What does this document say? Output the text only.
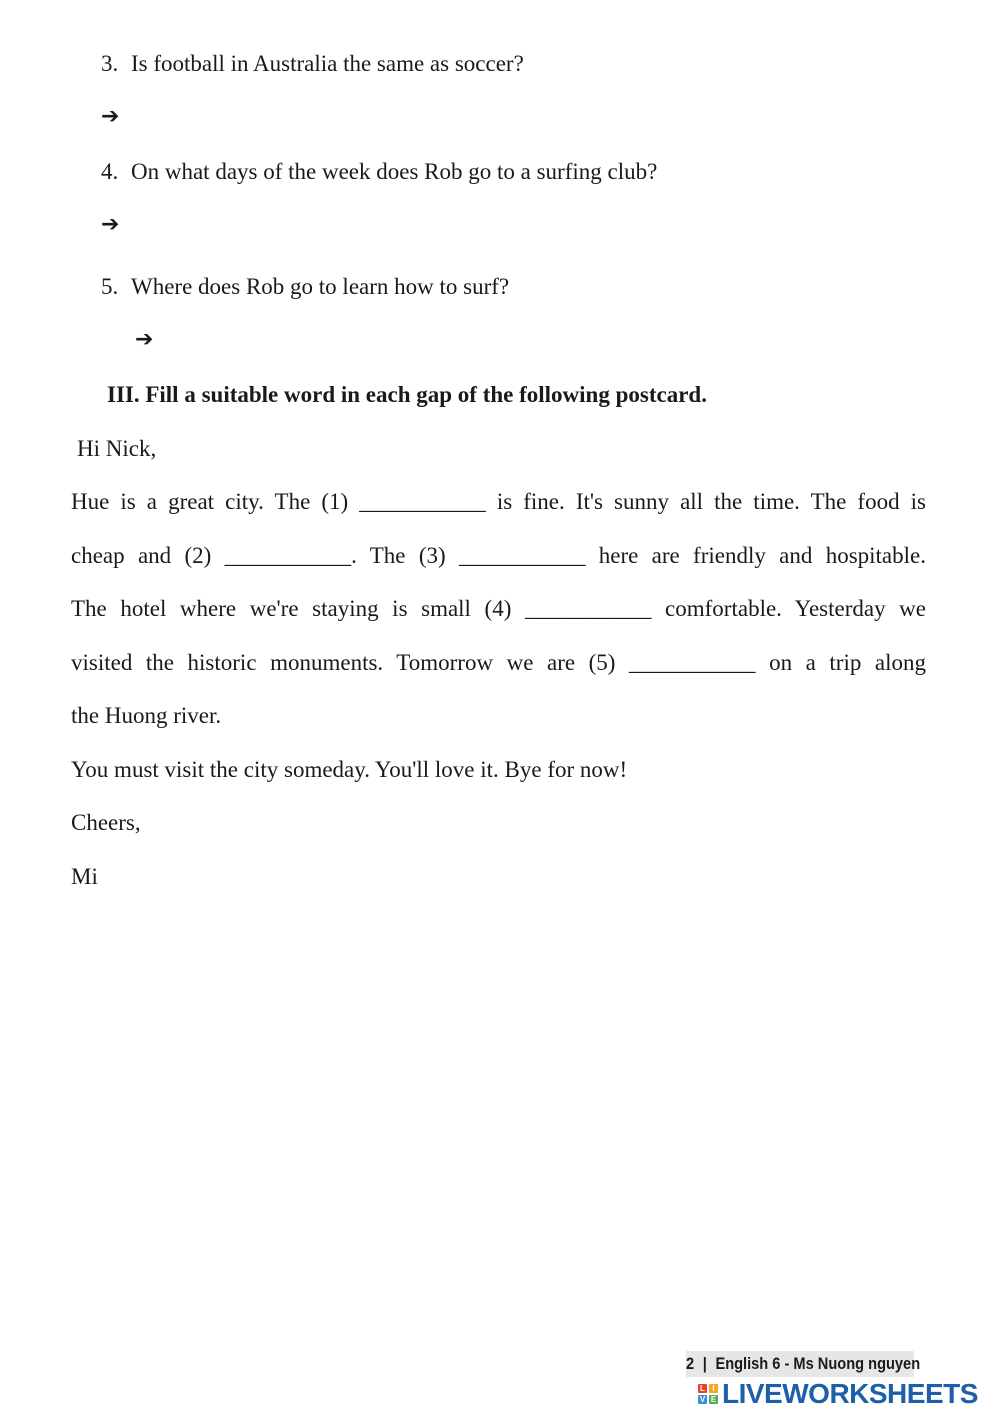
3. Is football in Australia the same as soccer?
➔
4. On what days of the week does Rob go to a surfing club?
➔
5. Where does Rob go to learn how to surf?
➔
III. Fill a suitable word in each gap of the following postcard.
Hi Nick,
Hue is a great city. The (1) ___________ is fine. It's sunny all the time. The food is
cheap and (2) ___________. The (3) ___________ here are friendly and hospitable.
The hotel where we're staying is small (4) ___________ comfortable. Yesterday we
visited the historic monuments. Tomorrow we are (5) ___________ on a trip along
the Huong river.
You must visit the city someday. You'll love it. Bye for now!
Cheers,
Mi
2 | English 6 - Ms Nuong nguyen
L I
V E LIVEWORKSHEETS
